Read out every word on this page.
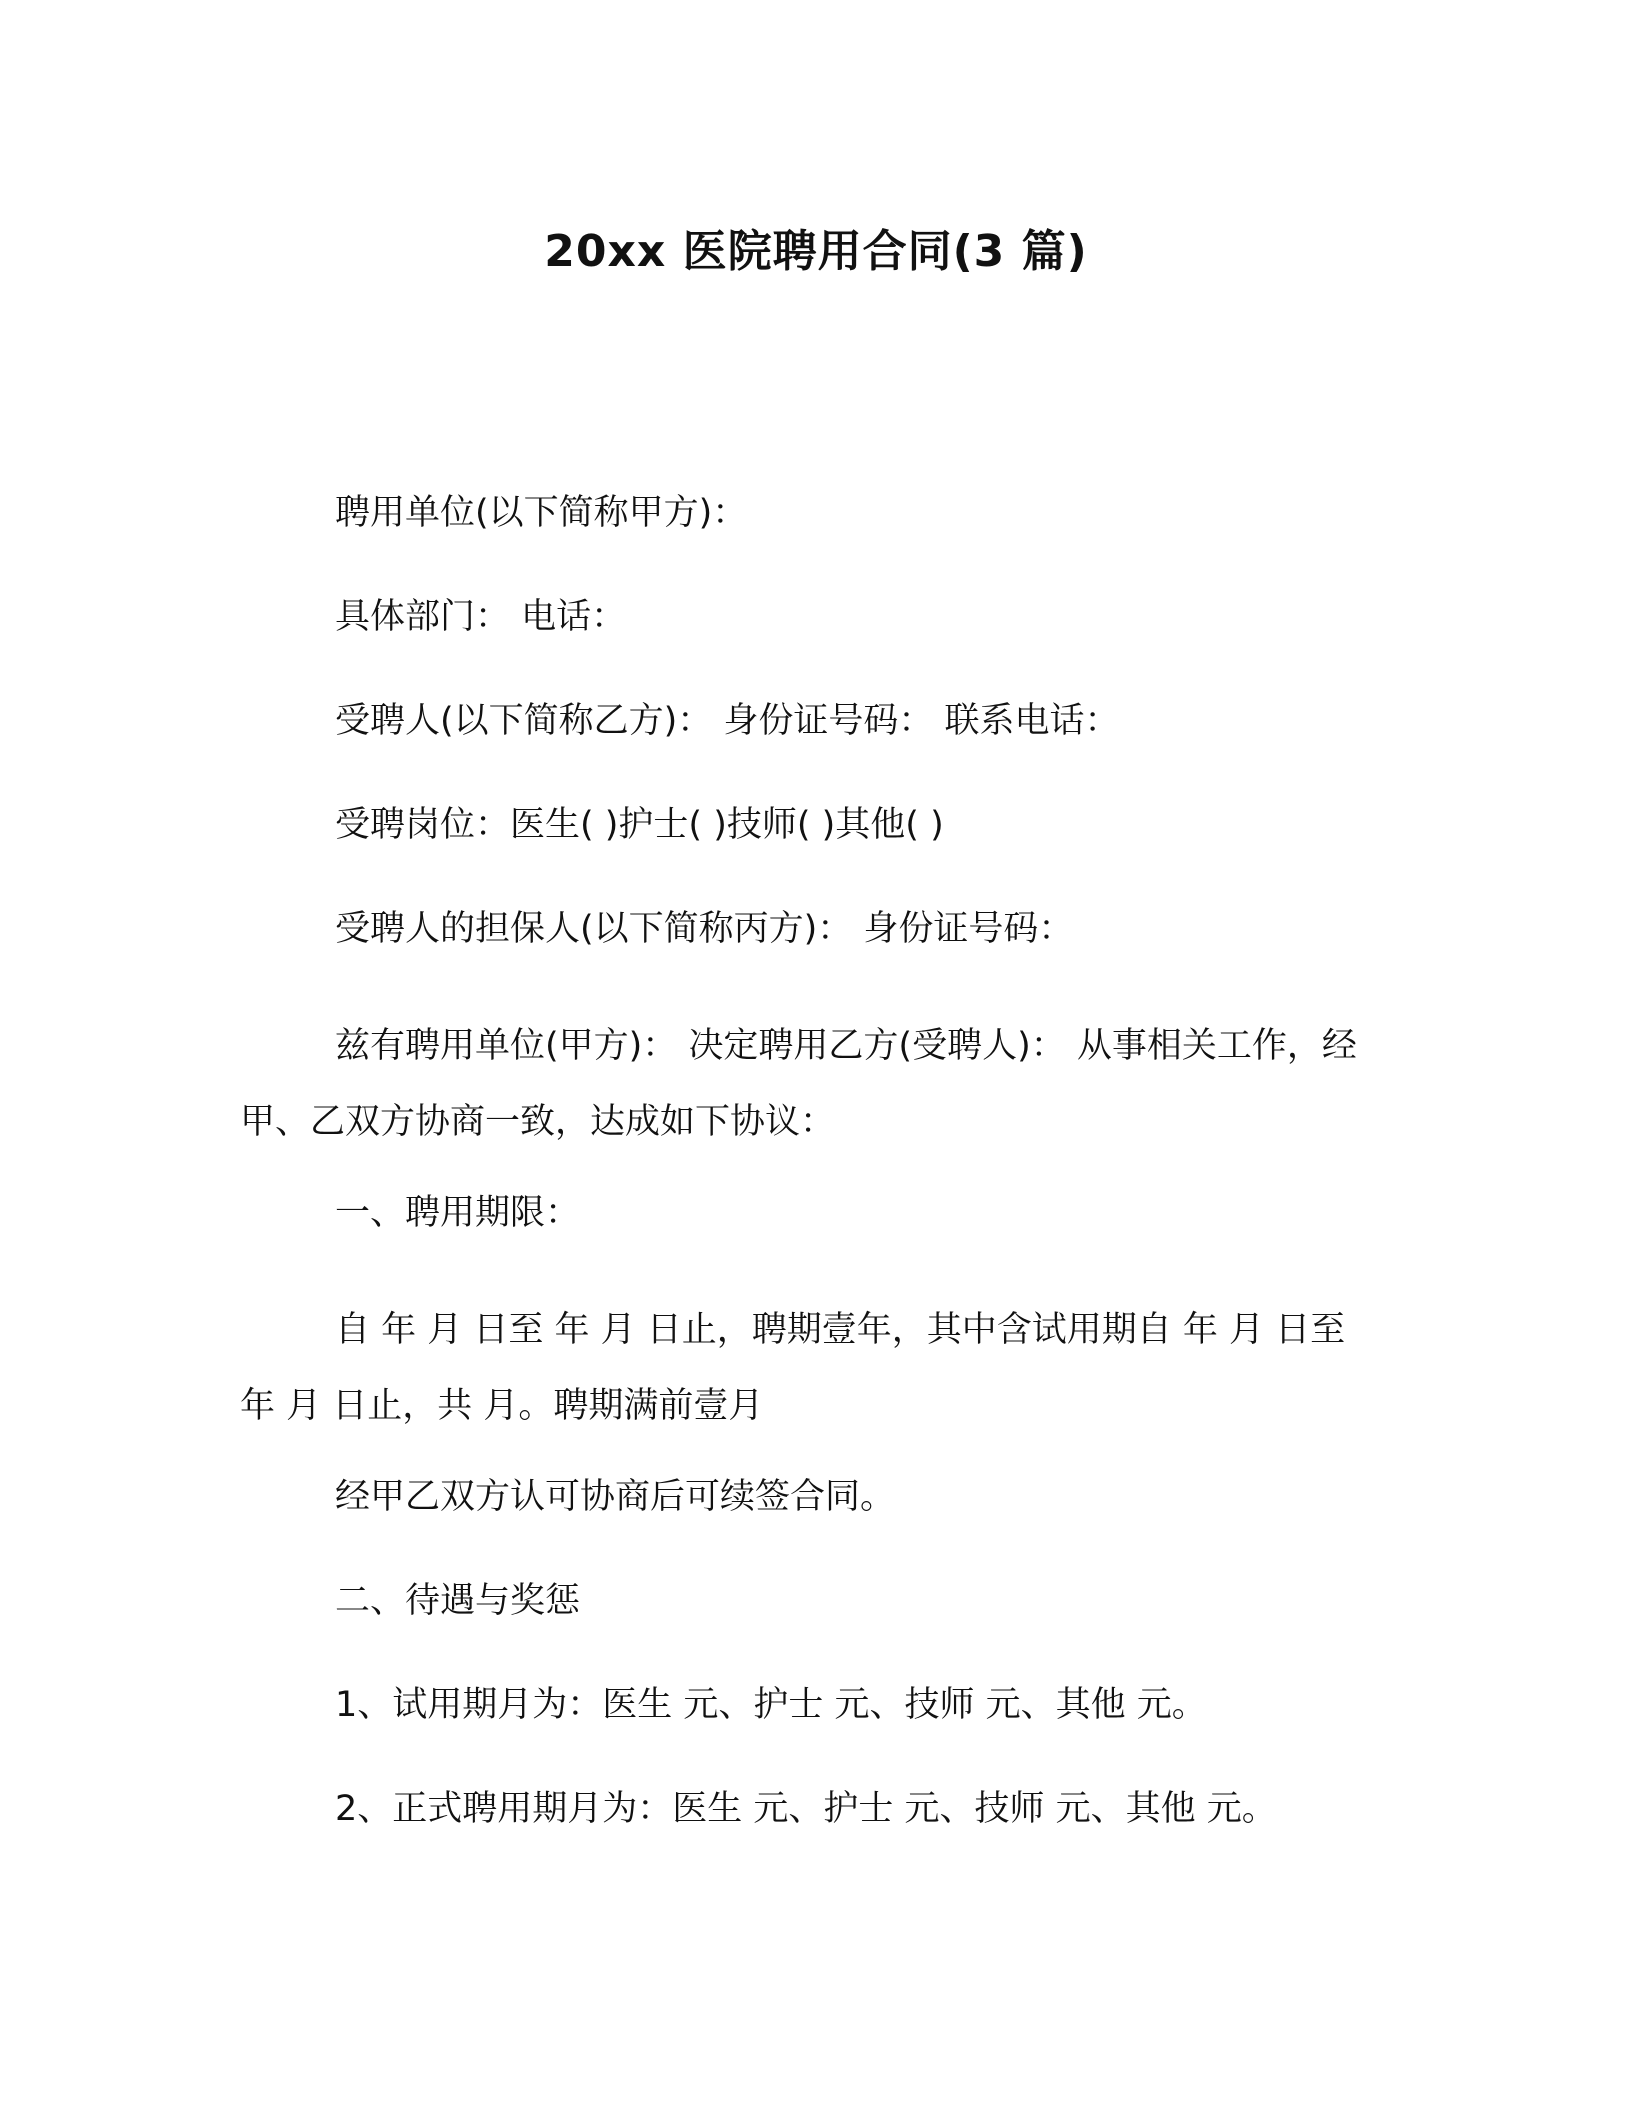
20xx 医院聘用合同(3 篇)

聘用单位(以下简称甲方)：

具体部门： 电话：

受聘人(以下简称乙方)： 身份证号码： 联系电话：

受聘岗位：医生( )护士( )技师( )其他( )

受聘人的担保人(以下简称丙方)： 身份证号码：

兹有聘用单位(甲方)： 决定聘用乙方(受聘人)： 从事相关工作，经甲、乙双方协商一致，达成如下协议：

一、聘用期限：

自 年 月 日至 年 月 日止，聘期壹年，其中含试用期自 年 月 日至 年 月 日止，共 月。聘期满前壹月

经甲乙双方认可协商后可续签合同。

二、待遇与奖惩

1、试用期月为：医生 元、护士 元、技师 元、其他 元。

2、正式聘用期月为：医生 元、护士 元、技师 元、其他 元。
